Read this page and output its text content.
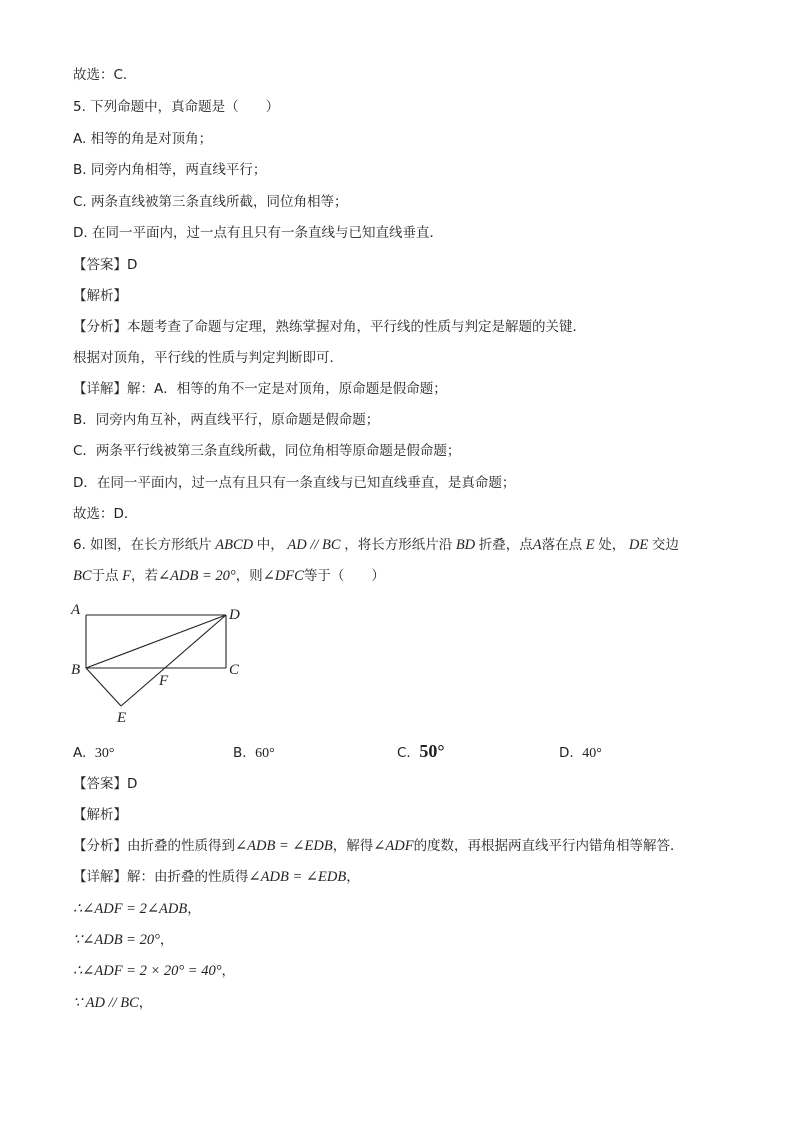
故选：C．
5. 下列命题中，真命题是（　　）
A. 相等的角是对顶角；
B. 同旁内角相等，两直线平行；
C. 两条直线被第三条直线所截，同位角相等；
D. 在同一平面内，过一点有且只有一条直线与已知直线垂直．
【答案】D
【解析】
【分析】本题考查了命题与定理，熟练掌握对角，平行线的性质与判定是解题的关键．
根据对顶角，平行线的性质与判定判断即可．
【详解】解：A．相等的角不一定是对顶角，原命题是假命题；
B．同旁内角互补，两直线平行，原命题是假命题；
C．两条平行线被第三条直线所截，同位角相等原命题是假命题；
D．在同一平面内，过一点有且只有一条直线与已知直线垂直，是真命题；
故选：D．
6. 如图，在长方形纸片 ABCD 中， AD // BC ，将长方形纸片沿 BD 折叠，点A落在点 E 处， DE 交边
BC于点 F，若∠ADB = 20°，则∠DFC等于（　　）
A	D
B	C
F
E
A. 30°	B. 60°	C. 50°	D. 40°
【答案】D
【解析】
【分析】由折叠的性质得到∠ADB = ∠EDB，解得∠ADF的度数，再根据两直线平行内错角相等解答．
【详解】解：由折叠的性质得∠ADB = ∠EDB，
∴∠ADF = 2∠ADB，
∵∠ADB = 20°，
∴∠ADF = 2 × 20° = 40°，
∵ AD // BC，
